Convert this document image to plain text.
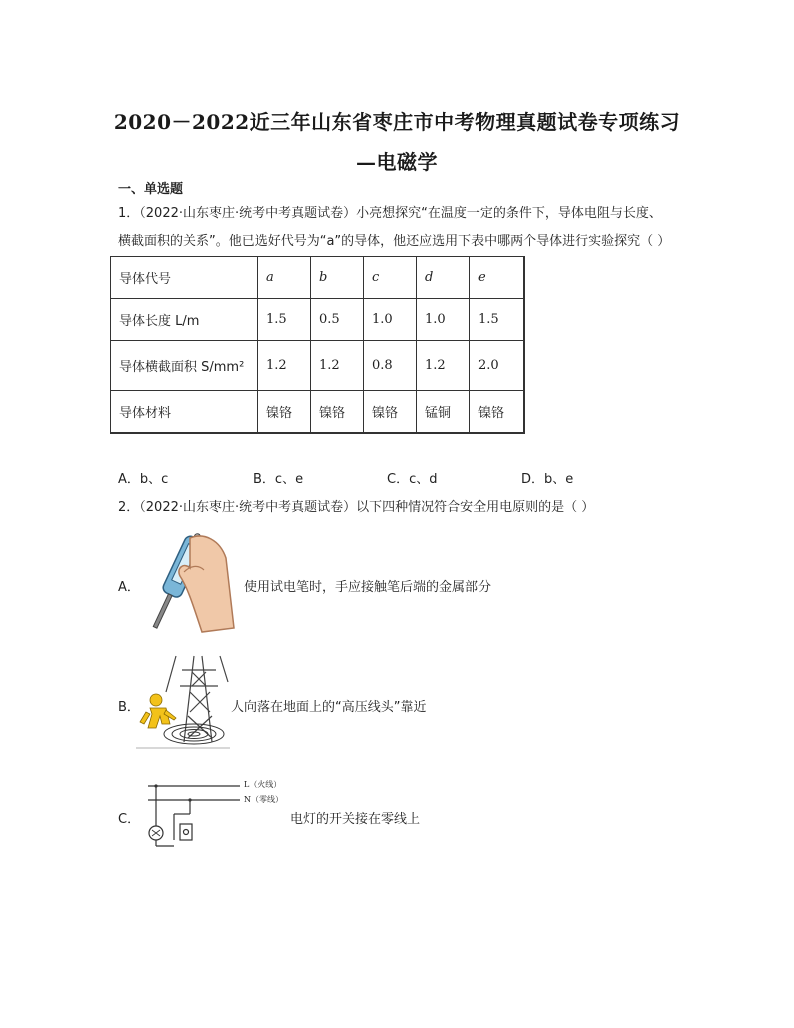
2020－2022近三年山东省枣庄市中考物理真题试卷专项练习
—电磁学
一、单选题
1．（2022·山东枣庄·统考中考真题试卷）小亮想探究“在温度一定的条件下，导体电阻与长度、
横截面积的关系”。他已选好代号为“a”的导体，他还应选用下表中哪两个导体进行实验探究（ ）
导体代号	a	b	c	d	e
导体长度 L/m	1.5	0.5	1.0	1.0	1.5
导体横截面积 S/mm²	1.2	1.2	0.8	1.2	2.0
导体材料	镍铬	镍铬	镍铬	锰铜	镍铬
A．b、c	B．c、e	C．c、d	D．b、e
2．（2022·山东枣庄·统考中考真题试卷）以下四种情况符合安全用电原则的是（ ）
A．	使用试电笔时，手应接触笔后端的金属部分
B．	人向落在地面上的“高压线头”靠近
C．
L（火线）
N（零线）
电灯的开关接在零线上
